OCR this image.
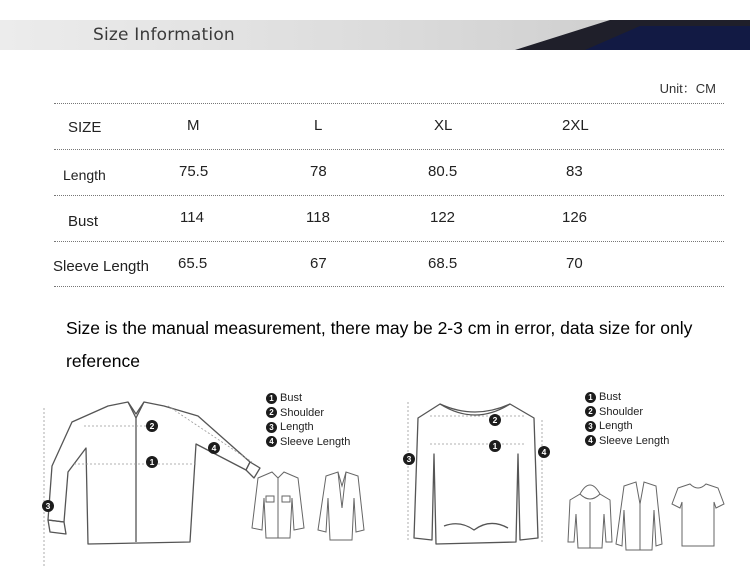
Size Information
Unit：CM
SIZE	M	L	XL	2XL
Length	75.5	78	80.5	83
Bust	114	118	122	126
Sleeve Length 65.5	67	68.5	70
Size is the manual measurement, there may be 2-3 cm in error, data size for only reference
2
4
1
3
1 Bust
2 Shoulder
3 Length
4 Sleeve Length
2
1
4
3
1 Bust
2 Shoulder
3 Length
4 Sleeve Length
